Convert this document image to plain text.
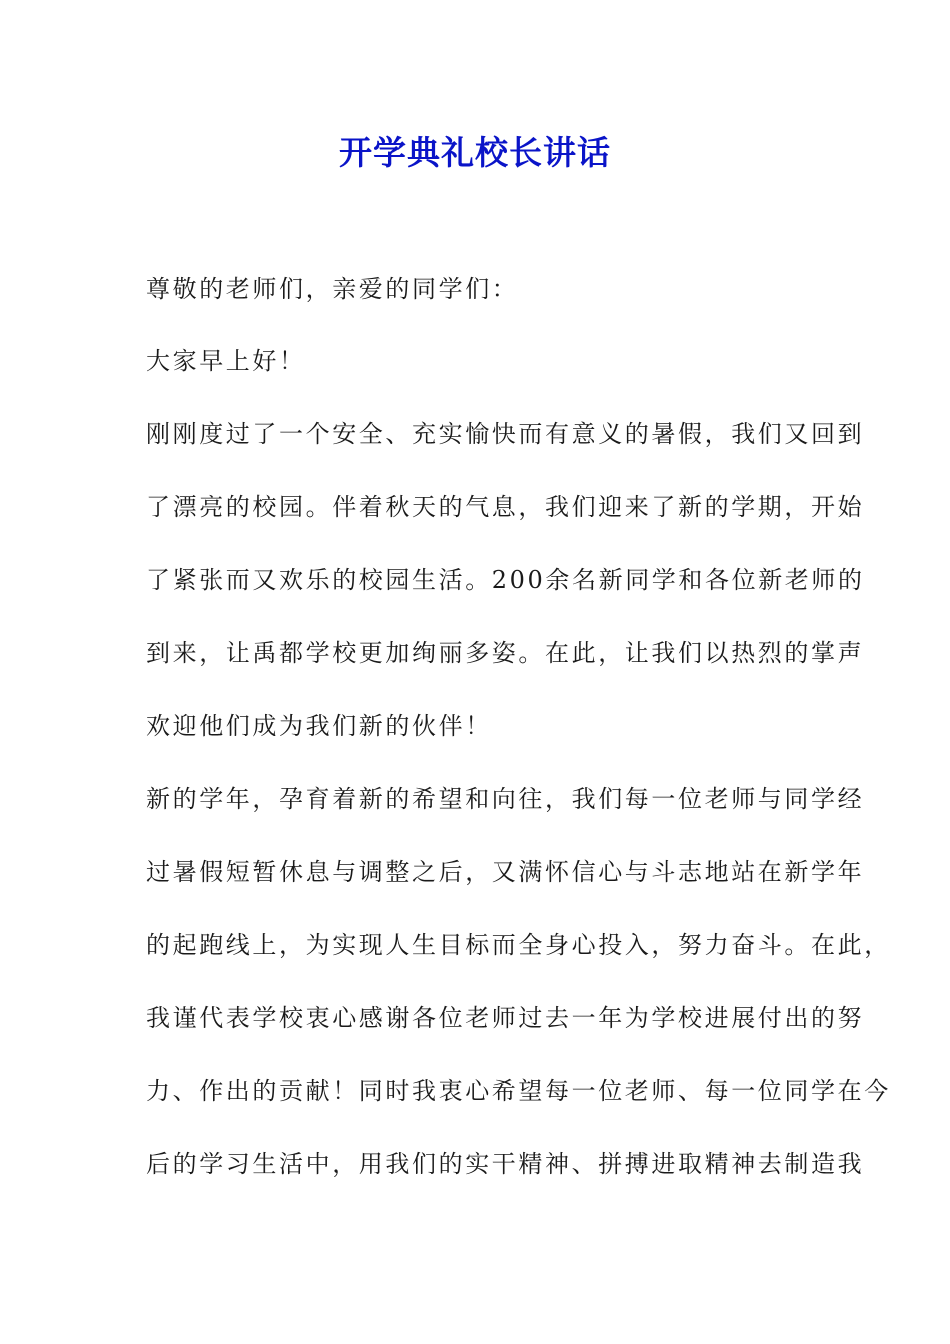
开学典礼校长讲话
尊敬的老师们，亲爱的同学们：
大家早上好！
刚刚度过了一个安全、充实愉快而有意义的暑假，我们又回到
了漂亮的校园。伴着秋天的气息，我们迎来了新的学期，开始
了紧张而又欢乐的校园生活。200余名新同学和各位新老师的
到来，让禹都学校更加绚丽多姿。在此，让我们以热烈的掌声
欢迎他们成为我们新的伙伴！
新的学年，孕育着新的希望和向往，我们每一位老师与同学经
过暑假短暂休息与调整之后，又满怀信心与斗志地站在新学年
的起跑线上，为实现人生目标而全身心投入，努力奋斗。在此，
我谨代表学校衷心感谢各位老师过去一年为学校进展付出的努
力、作出的贡献！同时我衷心希望每一位老师、每一位同学在今
后的学习生活中，用我们的实干精神、拼搏进取精神去制造我
